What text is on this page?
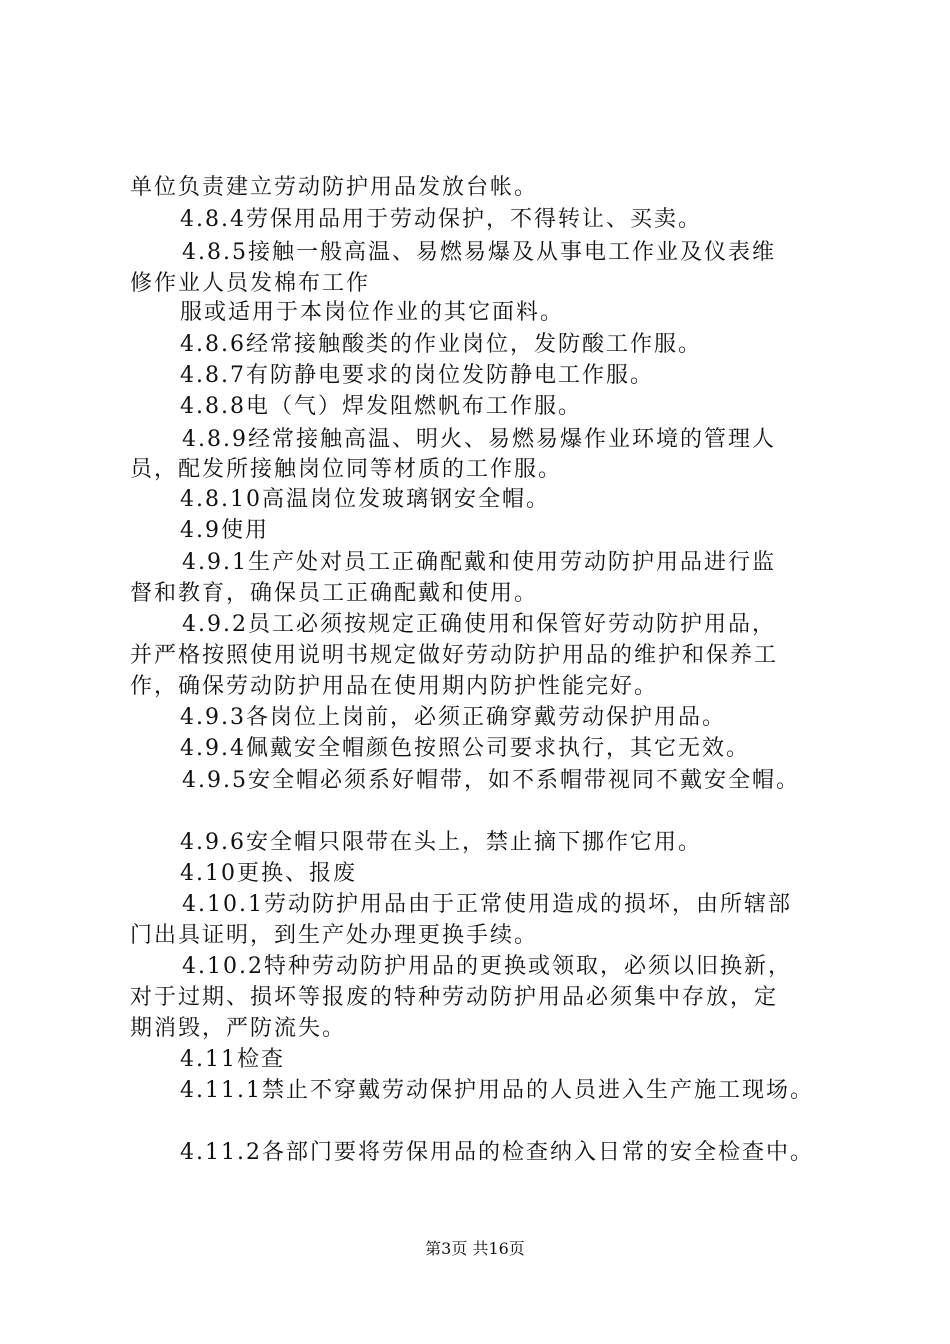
单位负责建立劳动防护用品发放台帐。
4.8.4劳保用品用于劳动保护，不得转让、买卖。
4.8.5接触一般高温、易燃易爆及从事电工作业及仪表维
修作业人员发棉布工作
服或适用于本岗位作业的其它面料。
4.8.6经常接触酸类的作业岗位，发防酸工作服。
4.8.7有防静电要求的岗位发防静电工作服。
4.8.8电（气）焊发阻燃帆布工作服。
4.8.9经常接触高温、明火、易燃易爆作业环境的管理人
员，配发所接触岗位同等材质的工作服。
4.8.10高温岗位发玻璃钢安全帽。
4.9使用
4.9.1生产处对员工正确配戴和使用劳动防护用品进行监
督和教育，确保员工正确配戴和使用。
4.9.2员工必须按规定正确使用和保管好劳动防护用品，
并严格按照使用说明书规定做好劳动防护用品的维护和保养工
作，确保劳动防护用品在使用期内防护性能完好。
4.9.3各岗位上岗前，必须正确穿戴劳动保护用品。
4.9.4佩戴安全帽颜色按照公司要求执行，其它无效。
4.9.5安全帽必须系好帽带，如不系帽带视同不戴安全帽。
4.9.6安全帽只限带在头上，禁止摘下挪作它用。
4.10更换、报废
4.10.1劳动防护用品由于正常使用造成的损坏，由所辖部
门出具证明，到生产处办理更换手续。
4.10.2特种劳动防护用品的更换或领取，必须以旧换新，
对于过期、损坏等报废的特种劳动防护用品必须集中存放，定
期消毁，严防流失。
4.11检查
4.11.1禁止不穿戴劳动保护用品的人员进入生产施工现场。
4.11.2各部门要将劳保用品的检查纳入日常的安全检查中。
第3页 共16页
